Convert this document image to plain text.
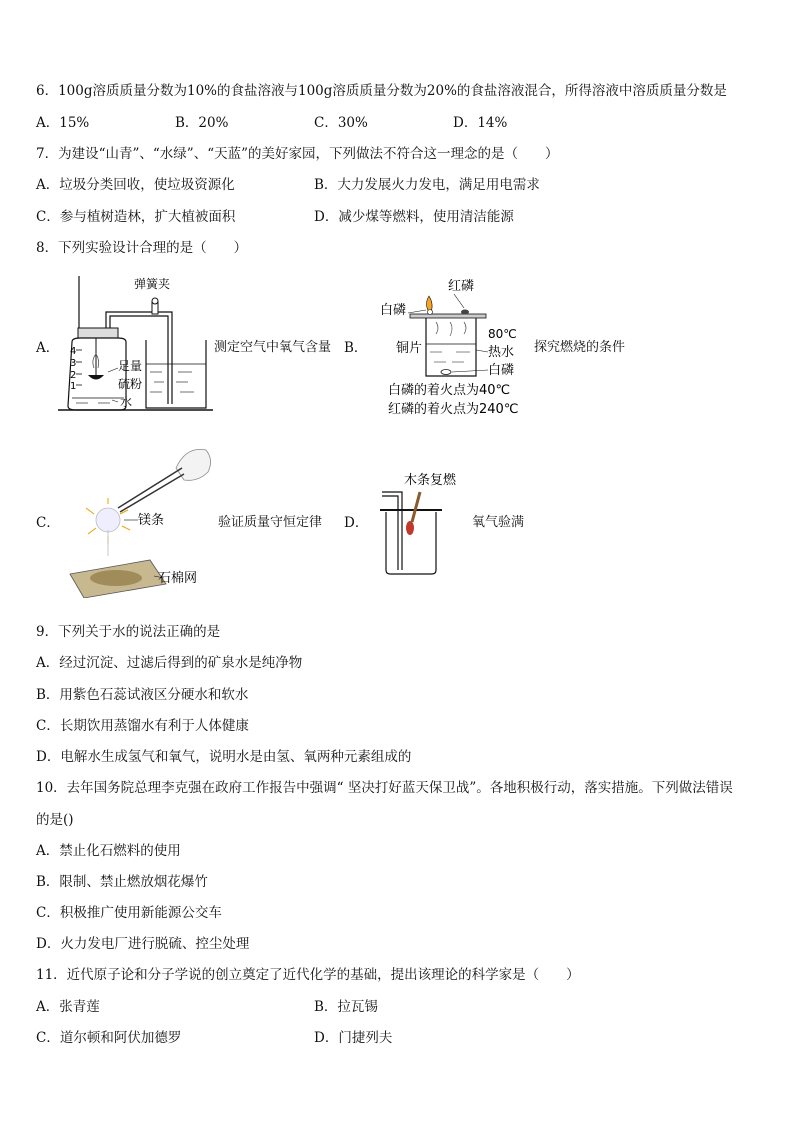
6．100g溶质质量分数为10%的食盐溶液与100g溶质质量分数为20%的食盐溶液混合，所得溶液中溶质质量分数是
A．15%	B．20%	C．30%	D．14%
7．为建设“山青”、“水绿”、“天蓝”的美好家园，下列做法不符合这一理念的是（　　）
A．垃圾分类回收，使垃圾资源化	B．大力发展火力发电，满足用电需求
C．参与植树造林，扩大植被面积	D．减少煤等燃料，使用清洁能源
8．下列实验设计合理的是（　　）
A．
弹簧夹
4
3
2
1
足量
硫粉
水
测定空气中氧气含量 B．
红磷
白磷
80℃
铜片	热水
白磷
白磷的着火点为40℃
红磷的着火点为240℃
探究燃烧的条件
C．	镁条
石棉网
验证质量守恒定律 D．
木条复燃
氧气验满
9．下列关于水的说法正确的是
A．经过沉淀、过滤后得到的矿泉水是纯净物
B．用紫色石蕊试液区分硬水和软水
C．长期饮用蒸馏水有利于人体健康
D．电解水生成氢气和氧气，说明水是由氢、氧两种元素组成的
10．去年国务院总理李克强在政府工作报告中强调“ 坚决打好蓝天保卫战”。各地积极行动，落实措施。下列做法错误
的是()
A．禁止化石燃料的使用
B．限制、禁止燃放烟花爆竹
C．积极推广使用新能源公交车
D．火力发电厂进行脱硫、控尘处理
11．近代原子论和分子学说的创立奠定了近代化学的基础，提出该理论的科学家是（　　）
A．张青莲	B．拉瓦锡
C．道尔顿和阿伏加德罗	D．门捷列夫
